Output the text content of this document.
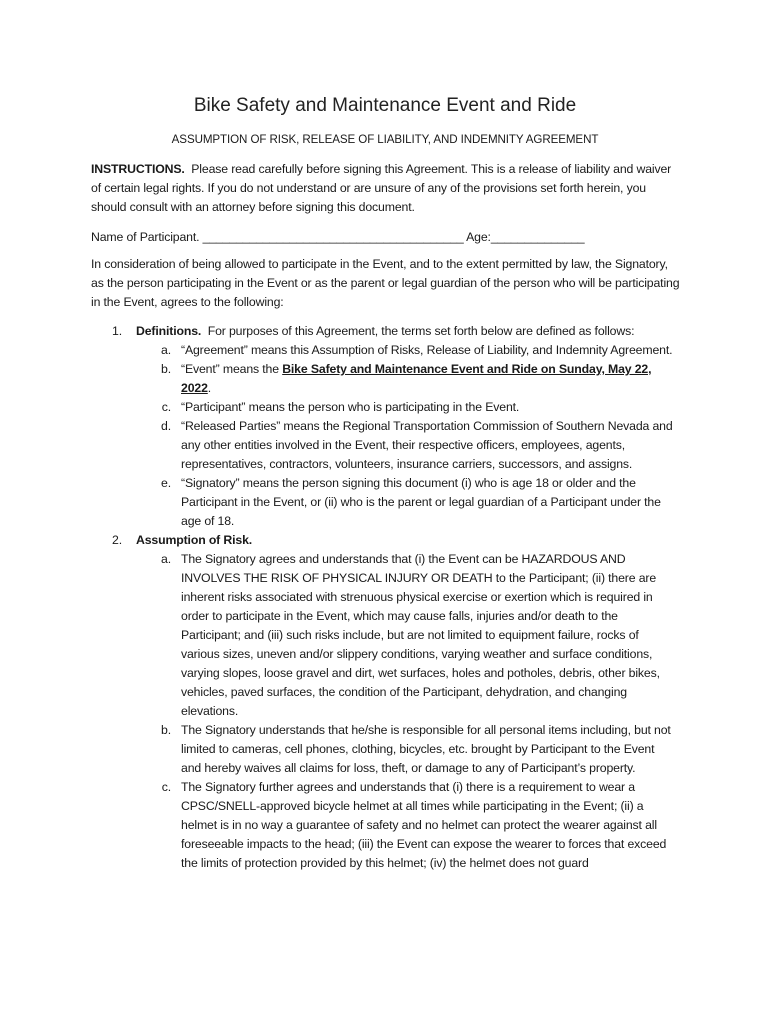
Bike Safety and Maintenance Event and Ride
ASSUMPTION OF RISK, RELEASE OF LIABILITY, AND INDEMNITY AGREEMENT
INSTRUCTIONS. Please read carefully before signing this Agreement. This is a release of liability and waiver of certain legal rights. If you do not understand or are unsure of any of the provisions set forth herein, you should consult with an attorney before signing this document.
Name of Participant. _______________________________________ Age:______________
In consideration of being allowed to participate in the Event, and to the extent permitted by law, the Signatory, as the person participating in the Event or as the parent or legal guardian of the person who will be participating in the Event, agrees to the following:
1.	Definitions. For purposes of this Agreement, the terms set forth below are defined as follows:
a. “Agreement” means this Assumption of Risks, Release of Liability, and Indemnity Agreement.
b. “Event” means the Bike Safety and Maintenance Event and Ride on Sunday, May 22, 2022.
c. “Participant” means the person who is participating in the Event.
d. “Released Parties” means the Regional Transportation Commission of Southern Nevada and any other entities involved in the Event, their respective officers, employees, agents, representatives, contractors, volunteers, insurance carriers, successors, and assigns.
e. “Signatory” means the person signing this document (i) who is age 18 or older and the Participant in the Event, or (ii) who is the parent or legal guardian of a Participant under the age of 18.
2.	Assumption of Risk.
a. The Signatory agrees and understands that (i) the Event can be HAZARDOUS AND INVOLVES THE RISK OF PHYSICAL INJURY OR DEATH to the Participant; (ii) there are inherent risks associated with strenuous physical exercise or exertion which is required in order to participate in the Event, which may cause falls, injuries and/or death to the Participant; and (iii) such risks include, but are not limited to equipment failure, rocks of various sizes, uneven and/or slippery conditions, varying weather and surface conditions, varying slopes, loose gravel and dirt, wet surfaces, holes and potholes, debris, other bikes, vehicles, paved surfaces, the condition of the Participant, dehydration, and changing elevations.
b. The Signatory understands that he/she is responsible for all personal items including, but not limited to cameras, cell phones, clothing, bicycles, etc. brought by Participant to the Event and hereby waives all claims for loss, theft, or damage to any of Participant’s property.
c. The Signatory further agrees and understands that (i) there is a requirement to wear a CPSC/SNELL-approved bicycle helmet at all times while participating in the Event; (ii) a helmet is in no way a guarantee of safety and no helmet can protect the wearer against all foreseeable impacts to the head; (iii) the Event can expose the wearer to forces that exceed the limits of protection provided by this helmet; (iv) the helmet does not guard
